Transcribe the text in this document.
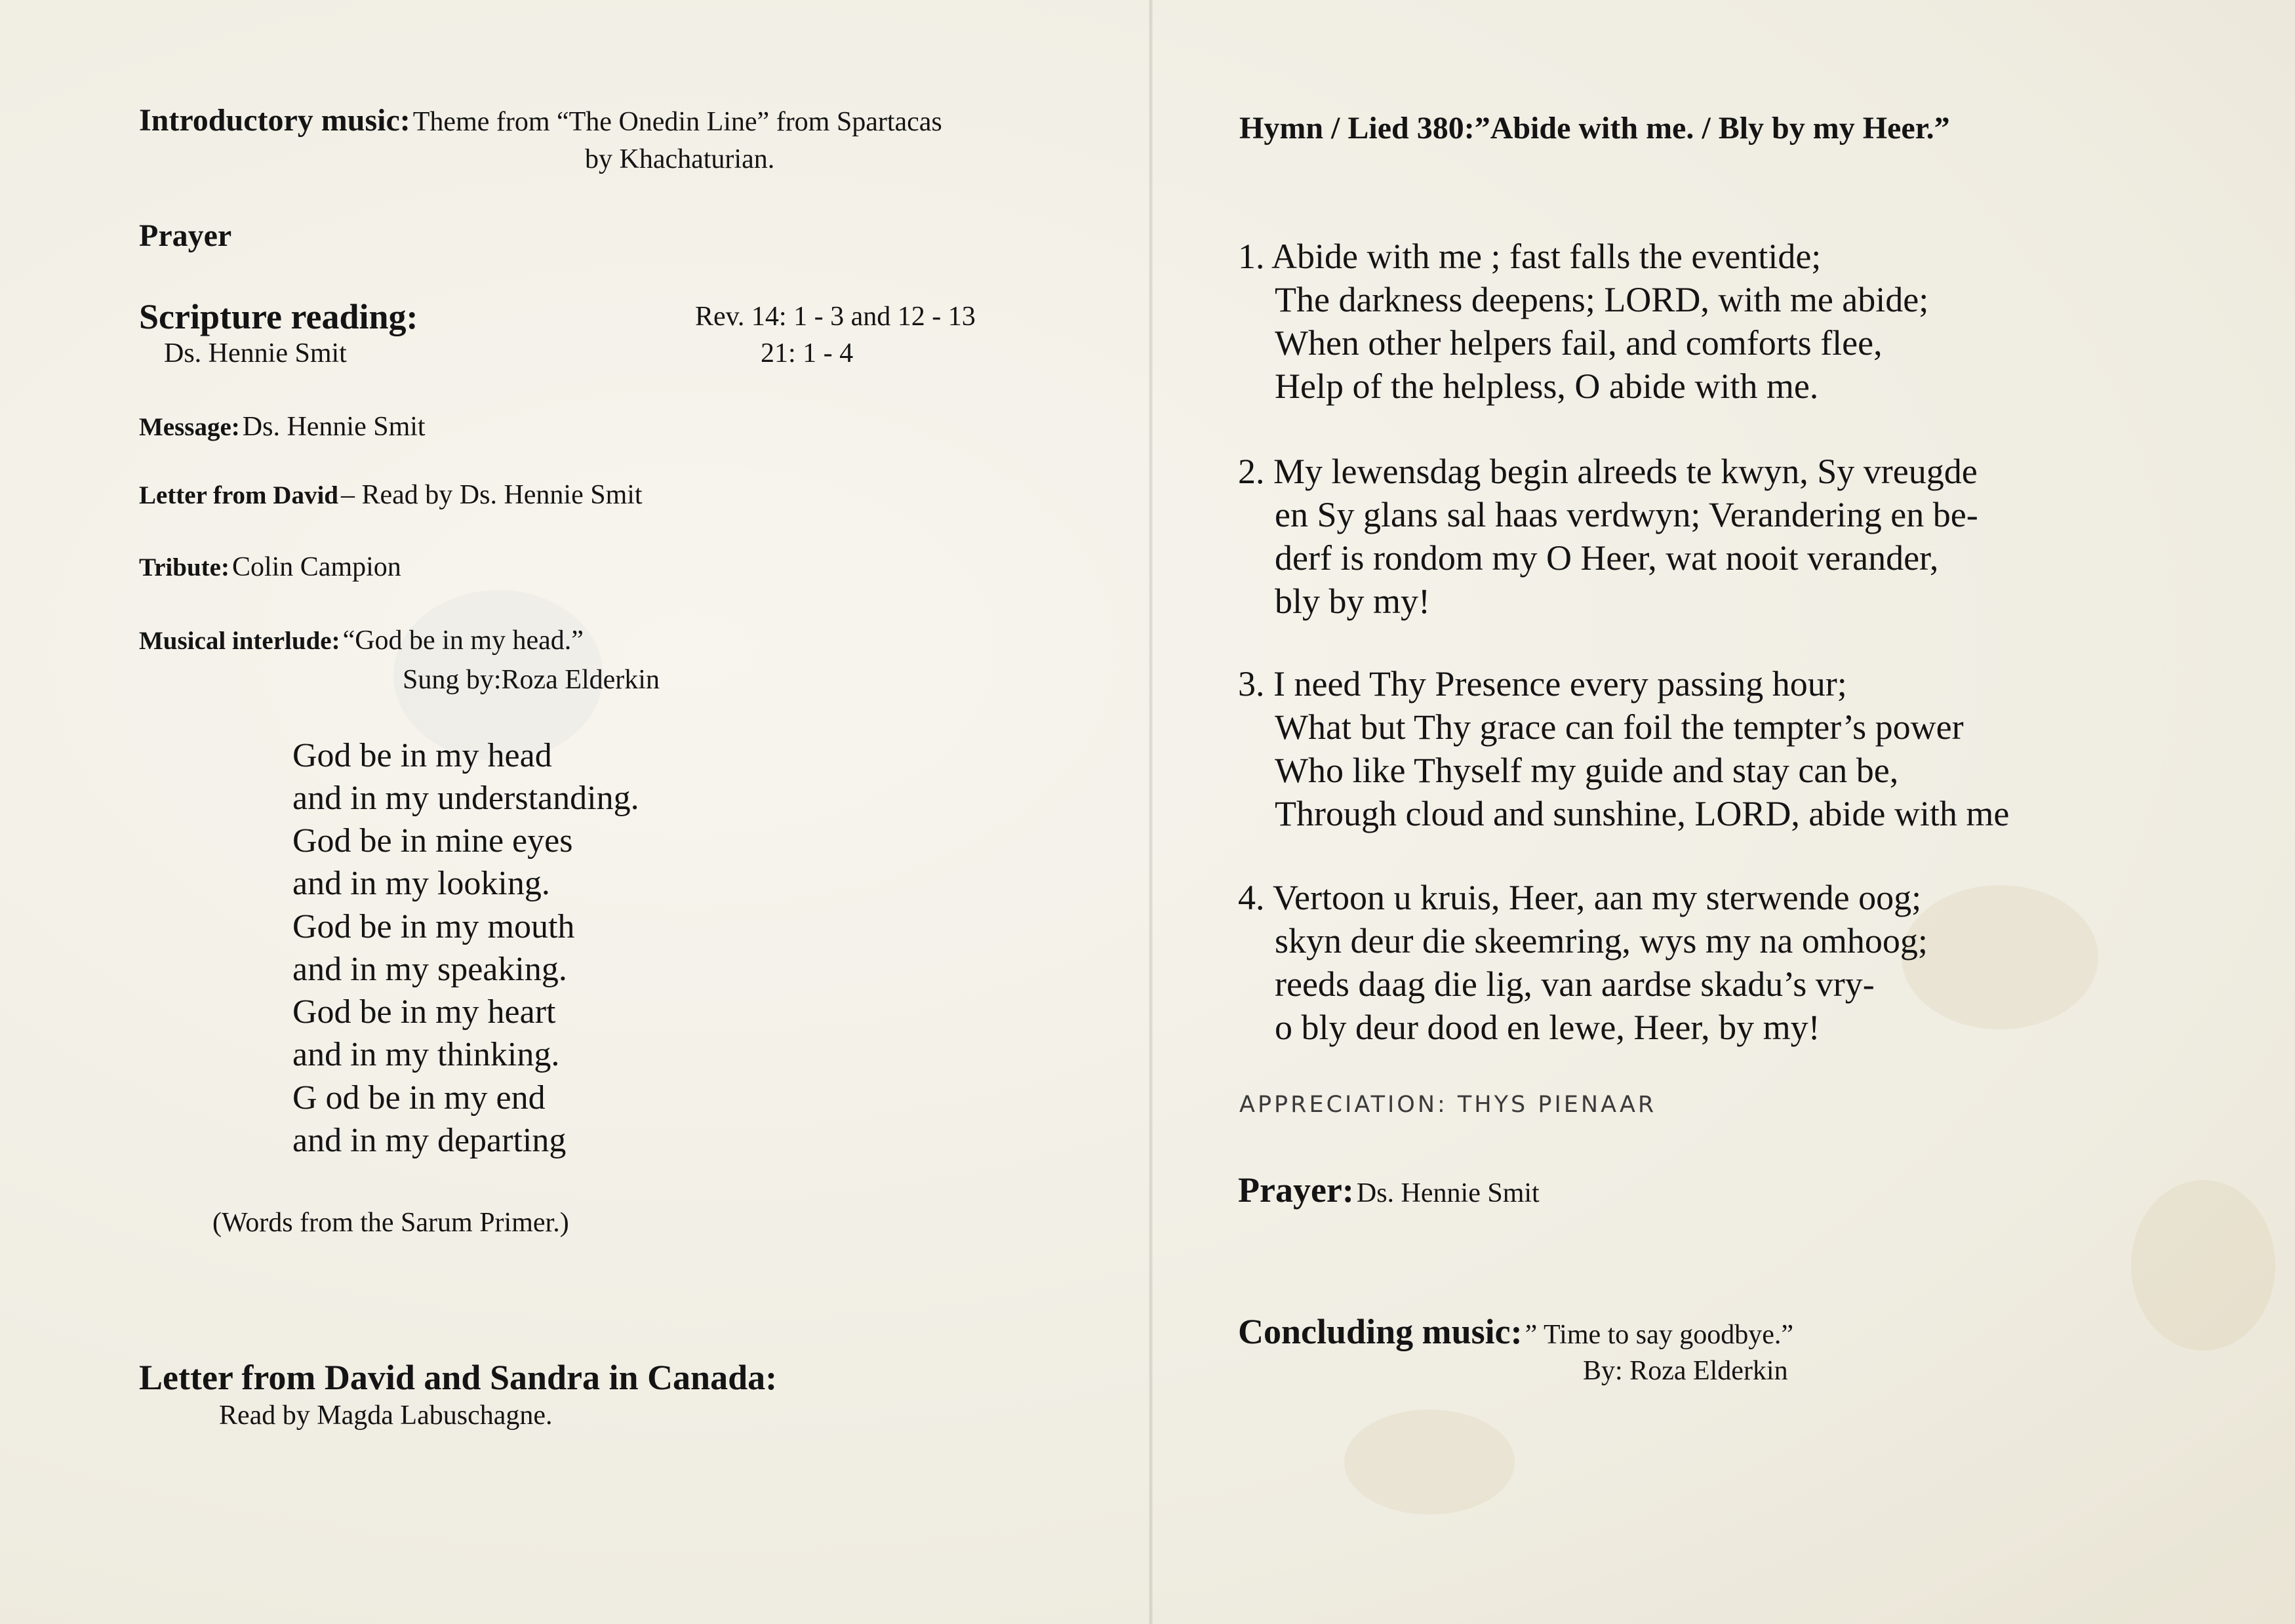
Introductory music: Theme from “The Onedin Line” from Spartacas
by Khachaturian.
Prayer
Scripture reading:	Rev. 14: 1 - 3 and 12 - 13
21: 1 - 4
Ds. Hennie Smit
Message: Ds. Hennie Smit
Letter from David – Read by Ds. Hennie Smit
Tribute: Colin Campion
Musical interlude: “God be in my head.”
Sung by:Roza Elderkin
God be in my head
and in my understanding.
God be in mine eyes
and in my looking.
God be in my mouth
and in my speaking.
God be in my heart
and in my thinking.
G od be in my end
and in my departing
(Words from the Sarum Primer.)
Letter from David and Sandra in Canada:
Read by Magda Labuschagne.
Hymn / Lied 380:”Abide with me. / Bly by my Heer.”
1. Abide with me ; fast falls the eventide;
The darkness deepens; LORD, with me abide;
When other helpers fail, and comforts flee,
Help of the helpless, O abide with me.
2. My lewensdag begin alreeds te kwyn, Sy vreugde
en Sy glans sal haas verdwyn; Verandering en be-
derf is rondom my O Heer, wat nooit verander,
bly by my!
3. I need Thy Presence every passing hour;
What but Thy grace can foil the tempter’s power
Who like Thyself my guide and stay can be,
Through cloud and sunshine, LORD, abide with me
4. Vertoon u kruis, Heer, aan my sterwende oog;
skyn deur die skeemring, wys my na omhoog;
reeds daag die lig, van aardse skadu’s vry-
o bly deur dood en lewe, Heer, by my!
APPRECIATION: THYS PIENAAR
Prayer: Ds. Hennie Smit
Concluding music: ” Time to say goodbye.”
By: Roza Elderkin
